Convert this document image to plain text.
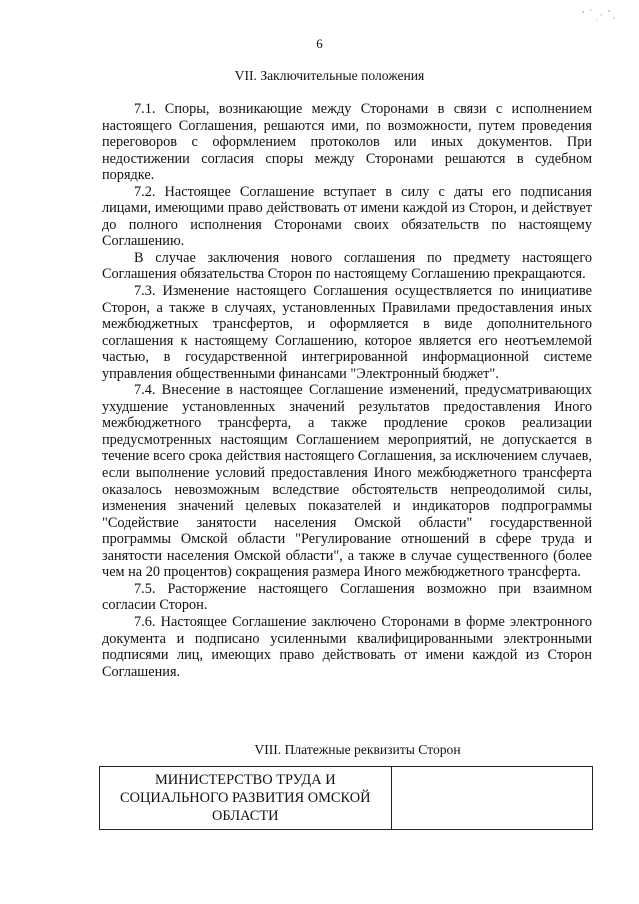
6
VII. Заключительные положения

7.1. Споры, возникающие между Сторонами в связи с исполнением настоящего Соглашения, решаются ими, по возможности, путем проведения переговоров с оформлением протоколов или иных документов. При недостижении согласия споры между Сторонами решаются в судебном порядке.

7.2. Настоящее Соглашение вступает в силу с даты его подписания лицами, имеющими право действовать от имени каждой из Сторон, и действует до полного исполнения Сторонами своих обязательств по настоящему Соглашению.

В случае заключения нового соглашения по предмету настоящего Соглашения обязательства Сторон по настоящему Соглашению прекращаются.

7.3. Изменение настоящего Соглашения осуществляется по инициативе Сторон, а также в случаях, установленных Правилами предоставления иных межбюджетных трансфертов, и оформляется в виде дополнительного соглашения к настоящему Соглашению, которое является его неотъемлемой частью, в государственной интегрированной информационной системе управления общественными финансами "Электронный бюджет".

7.4. Внесение в настоящее Соглашение изменений, предусматривающих ухудшение установленных значений результатов предоставления Иного межбюджетного трансферта, а также продление сроков реализации предусмотренных настоящим Соглашением мероприятий, не допускается в течение всего срока действия настоящего Соглашения, за исключением случаев, если выполнение условий предоставления Иного межбюджетного трансферта оказалось невозможным вследствие обстоятельств непреодолимой силы, изменения значений целевых показателей и индикаторов подпрограммы "Содействие занятости населения Омской области" государственной программы Омской области "Регулирование отношений в сфере труда и занятости населения Омской области", а также в случае существенного (более чем на 20 процентов) сокращения размера Иного межбюджетного трансферта.

7.5. Расторжение настоящего Соглашения возможно при взаимном согласии Сторон.

7.6. Настоящее Соглашение заключено Сторонами в форме электронного документа и подписано усиленными квалифицированными электронными подписями лиц, имеющих право действовать от имени каждой из Сторон Соглашения.

VIII. Платежные реквизиты Сторон
МИНИСТЕРСТВО ТРУДА И СОЦИАЛЬНОГО РАЗВИТИЯ ОМСКОЙ ОБЛАСТИ	
